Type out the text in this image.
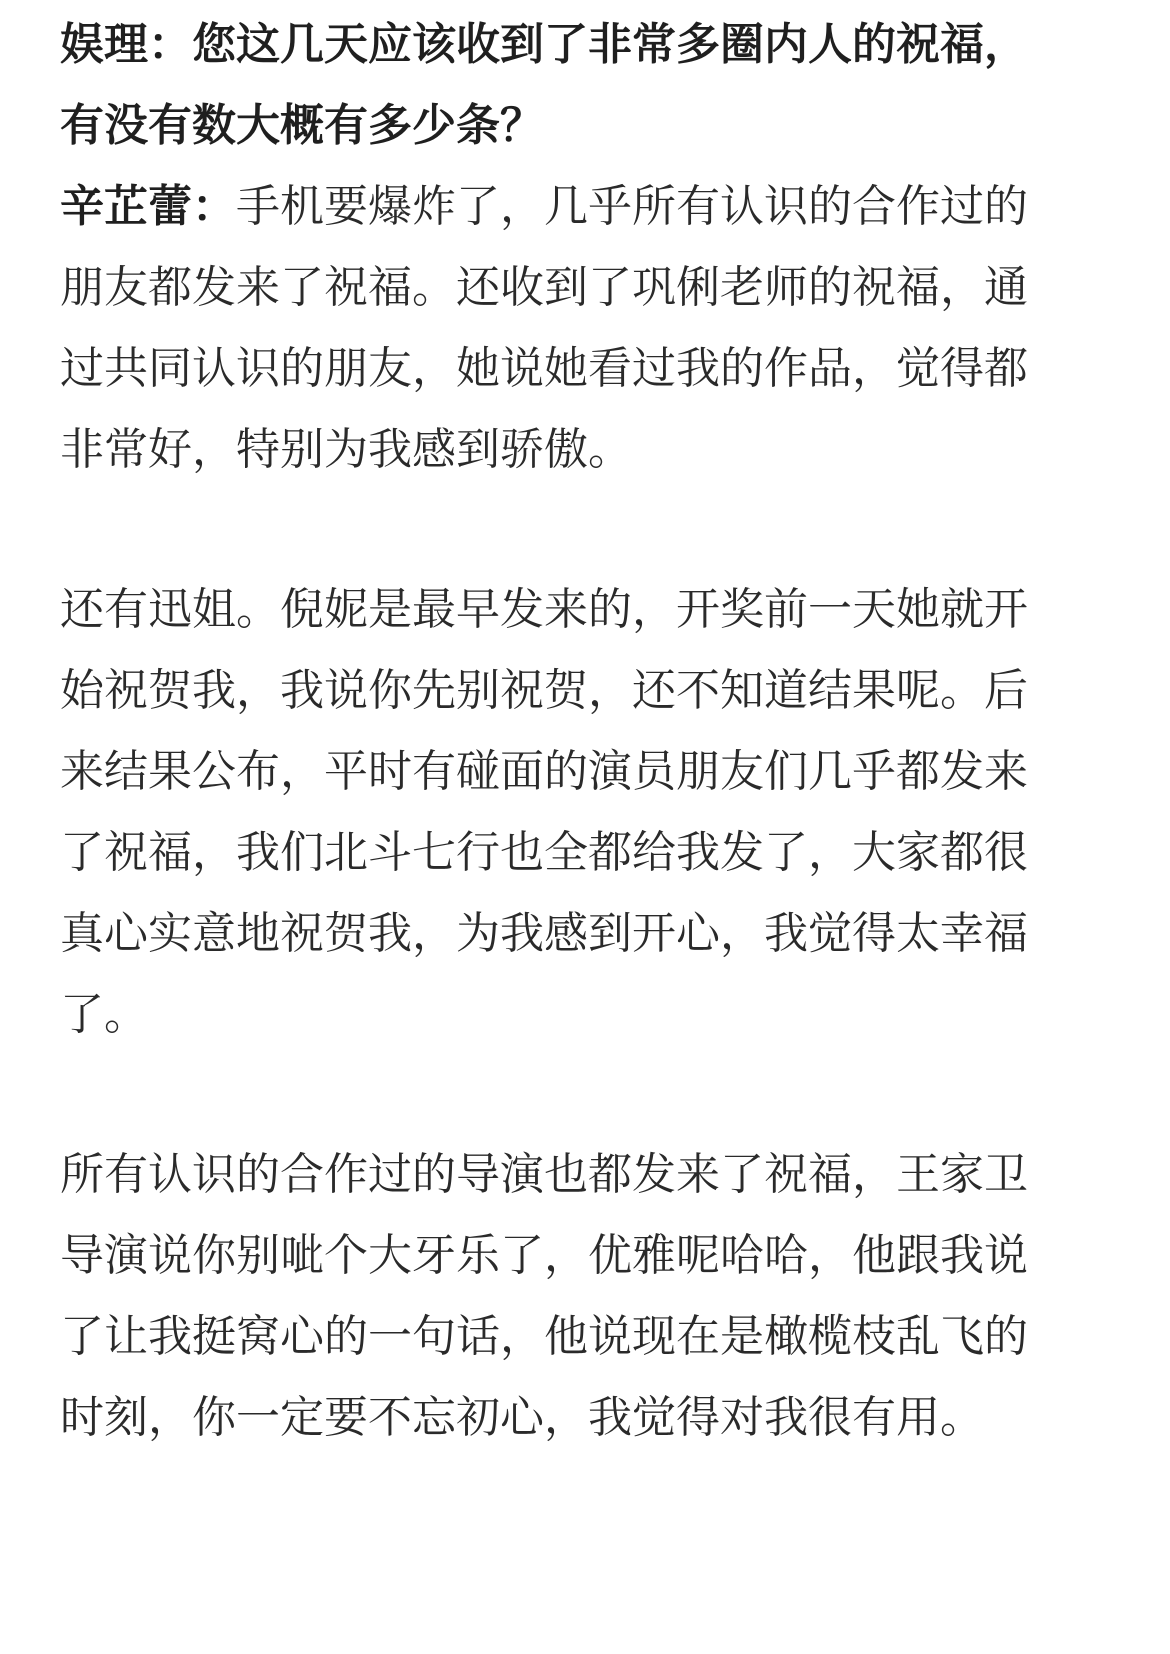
娱理：您这几天应该收到了非常多圈内人的祝福，有没有数大概有多少条？

辛芷蕾：手机要爆炸了，几乎所有认识的合作过的朋友都发来了祝福。还收到了巩俐老师的祝福，通过共同认识的朋友，她说她看过我的作品，觉得都非常好，特别为我感到骄傲。

还有迅姐。倪妮是最早发来的，开奖前一天她就开始祝贺我，我说你先别祝贺，还不知道结果呢。后来结果公布，平时有碰面的演员朋友们几乎都发来了祝福，我们北斗七行也全都给我发了，大家都很真心实意地祝贺我，为我感到开心，我觉得太幸福了。

所有认识的合作过的导演也都发来了祝福，王家卫导演说你别呲个大牙乐了，优雅呢哈哈，他跟我说了让我挺窝心的一句话，他说现在是橄榄枝乱飞的时刻，你一定要不忘初心，我觉得对我很有用。
